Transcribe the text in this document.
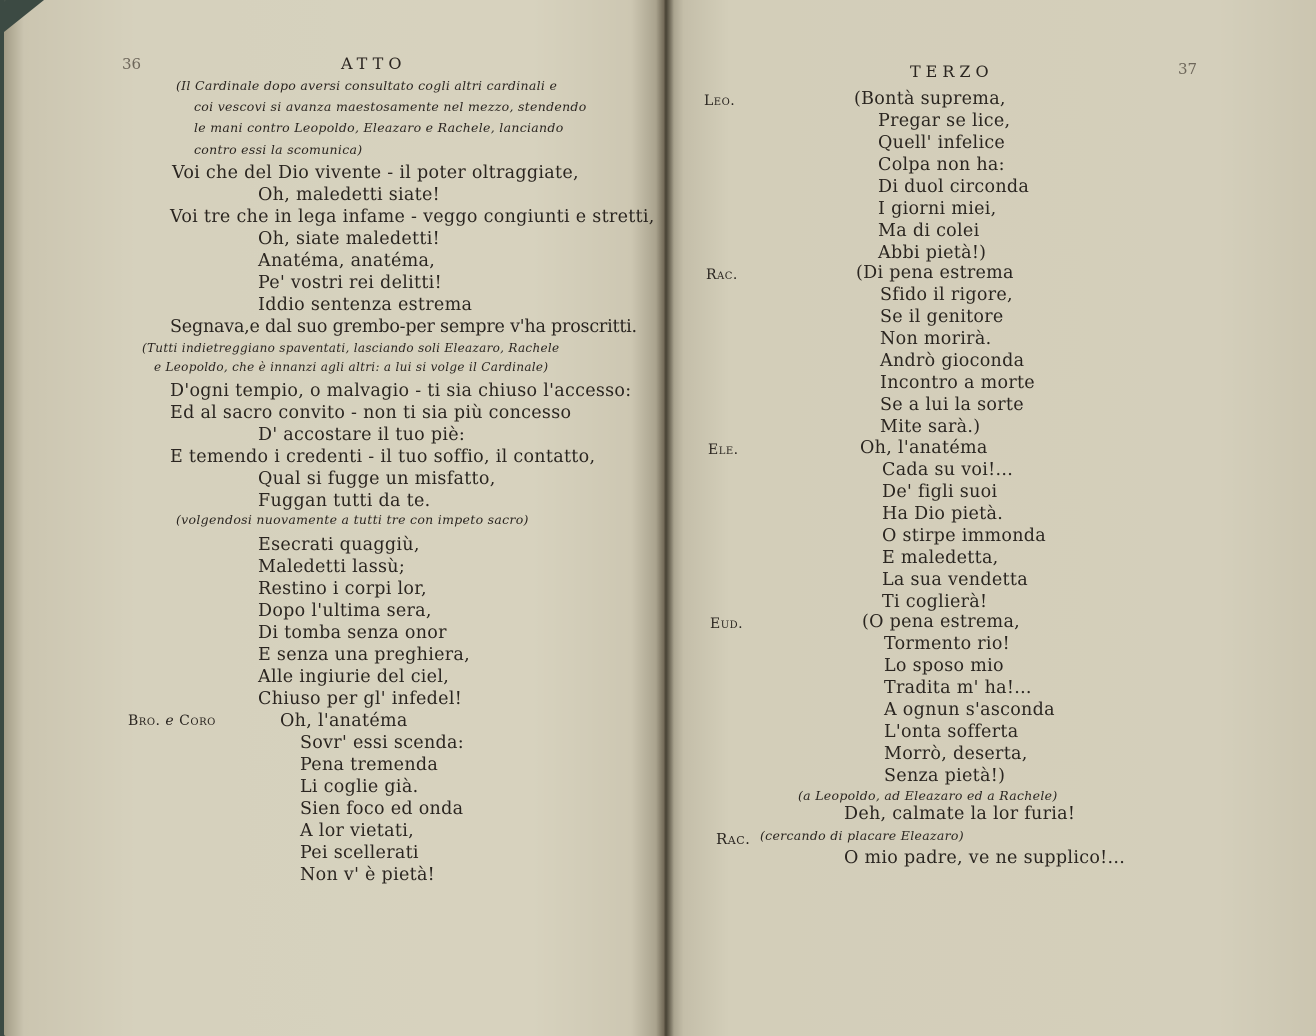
36	ATTO
(Il Cardinale dopo aversi consultato cogli altri cardinali e
coi vescovi si avanza maestosamente nel mezzo, stendendo
le mani contro Leopoldo, Eleazaro e Rachele, lanciando
contro essi la scomunica)
Voi che del Dio vivente - il poter oltraggiate,
Oh, maledetti siate!
Voi tre che in lega infame - veggo congiunti e stretti,
Oh, siate maledetti!
Anatéma, anatéma,
Pe' vostri rei delitti!
Iddio sentenza estrema
Segnava,e dal suo grembo-per sempre v'ha proscritti.
(Tutti indietreggiano spaventati, lasciando soli Eleazaro, Rachele
e Leopoldo, che è innanzi agli altri: a lui si volge il Cardinale)
D'ogni tempio, o malvagio - ti sia chiuso l'accesso:
Ed al sacro convito - non ti sia più concesso
D' accostare il tuo piè:
E temendo i credenti - il tuo soffio, il contatto,
Qual si fugge un misfatto,
Fuggan tutti da te.
(volgendosi nuovamente a tutti tre con impeto sacro)
Esecrati quaggiù,
Maledetti lassù;
Restino i corpi lor,
Dopo l'ultima sera,
Di tomba senza onor
E senza una preghiera,
Alle ingiurie del ciel,
Chiuso per gl' infedel!
Bro. e Coro	Oh, l'anatéma
Sovr' essi scenda:
Pena tremenda
Li coglie già.
Sien foco ed onda
A lor vietati,
Pei scellerati
Non v' è pietà!
TERZO	37
Leo.	(Bontà suprema,
Pregar se lice,
Quell' infelice
Colpa non ha:
Di duol circonda
I giorni miei,
Ma di colei
Abbi pietà!)
Rac.	(Di pena estrema
Sfido il rigore,
Se il genitore
Non morirà.
Andrò gioconda
Incontro a morte
Se a lui la sorte
Mite sarà.)
Ele.	Oh, l'anatéma
Cada su voi!...
De' figli suoi
Ha Dio pietà.
O stirpe immonda
E maledetta,
La sua vendetta
Ti coglierà!
Eud.	(O pena estrema,
Tormento rio!
Lo sposo mio
Tradita m' ha!...
A ognun s'asconda
L'onta sofferta
Morrò, deserta,
Senza pietà!)
(a Leopoldo, ad Eleazaro ed a Rachele)
Deh, calmate la lor furia!
Rac. (cercando di placare Eleazaro)
O mio padre, ve ne supplico!...
